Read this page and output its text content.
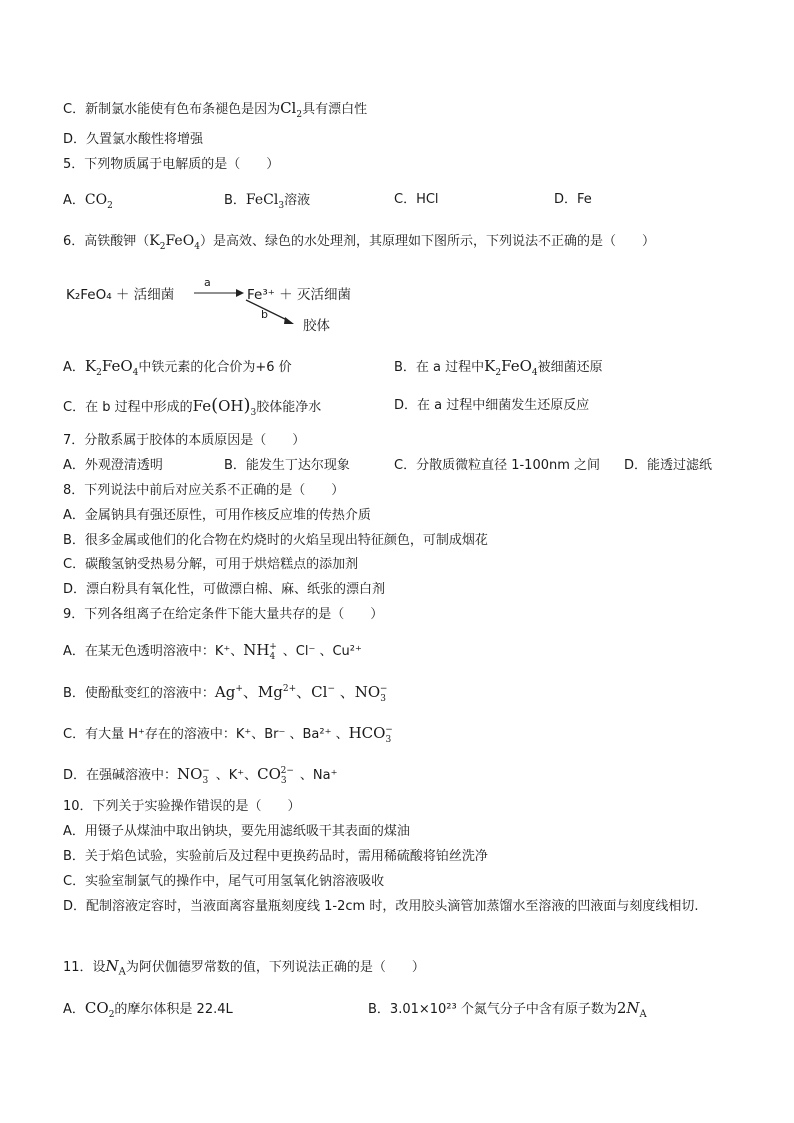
C．新制氯水能使有色布条褪色是因为$Cl_2$具有漂白性
D．久置氯水酸性将增强
5．下列物质属于电解质的是（　　）
A．$CO_2$	B．FeCl$_3$溶液	C．HCl	D．Fe
6．高铁酸钾$(K_2FeO_4)$是高效、绿色的水处理剂，其原理如下图所示，下列说法不正确的是（　　）
K₂FeO₄ ＋ 活细菌
a
b
Fe³⁺ ＋ 灭活细菌
胶体
A．$K_2FeO_4$中铁元素的化合价为+6 价	B．在 a 过程中$K_2FeO_4$被细菌还原
C．在 b 过程中形成的$Fe(OH)_3$胶体能净水	D．在 a 过程中细菌发生还原反应
7．分散系属于胶体的本质原因是（　　）
A．外观澄清透明	B．能发生丁达尔现象	C．分散质微粒直径 1-100nm 之间 D．能透过滤纸
8．下列说法中前后对应关系不正确的是（　　）
A．金属钠具有强还原性，可用作核反应堆的传热介质
B．很多金属或他们的化合物在灼烧时的火焰呈现出特征颜色，可制成烟花
C．碳酸氢钠受热易分解，可用于烘焙糕点的添加剂
D．漂白粉具有氧化性，可做漂白棉、麻、纸张的漂白剂
9．下列各组离子在给定条件下能大量共存的是（　　）
A．在某无色透明溶液中：K⁺、$NH_4^+$ 、Cl⁻ 、Cu²⁺
B．使酚酞变红的溶液中：Ag+、$Mg^{2+}$、Cl− 、$NO_3^-$
C．有大量 H⁺存在的溶液中：K⁺、Br⁻ 、Ba²⁺ 、$HCO_3^-$
D．在强碱溶液中：$NO_3^-$ 、K⁺、$CO_3^{2-}$ 、Na⁺
10．下列关于实验操作错误的是（　　）
A．用镊子从煤油中取出钠块，要先用滤纸吸干其表面的煤油
B．关于焰色试验，实验前后及过程中更换药品时，需用稀硫酸将铂丝洗净
C．实验室制氯气的操作中，尾气可用氢氧化钠溶液吸收
D．配制溶液定容时，当液面离容量瓶刻度线 1-2cm 时，改用胶头滴管加蒸馏水至溶液的凹液面与刻度线相切.
11．设$N_A$为阿伏伽德罗常数的值，下列说法正确的是（　　）
A．$CO_2$的摩尔体积是 22.4L	B．3.01×10²³ 个氮气分子中含有原子数为$2N_A$
